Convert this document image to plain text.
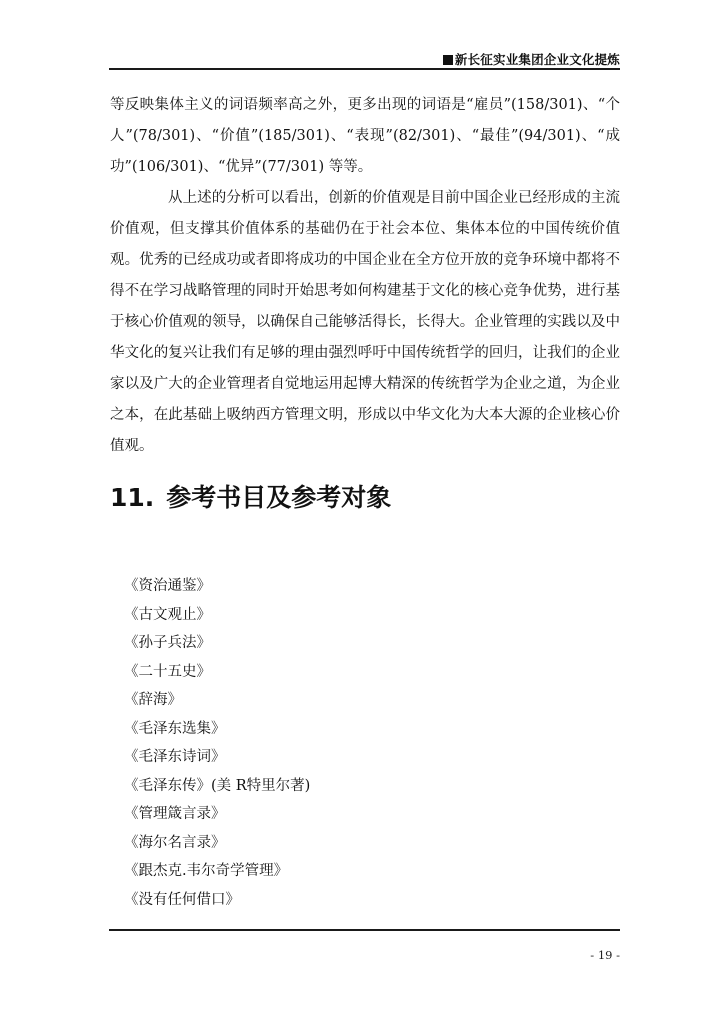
新长征实业集团企业文化提炼

等反映集体主义的词语频率高之外，更多出现的词语是“雇员”(158/301)、“个人”(78/301)、“价值”(185/301)、“表现”(82/301)、“最佳”(94/301)、“成功”(106/301)、“优异”(77/301) 等等。

从上述的分析可以看出，创新的价值观是目前中国企业已经形成的主流价值观，但支撑其价值体系的基础仍在于社会本位、集体本位的中国传统价值观。优秀的已经成功或者即将成功的中国企业在全方位开放的竞争环境中都将不得不在学习战略管理的同时开始思考如何构建基于文化的核心竞争优势，进行基于核心价值观的领导，以确保自己能够活得长，长得大。企业管理的实践以及中华文化的复兴让我们有足够的理由强烈呼吁中国传统哲学的回归，让我们的企业家以及广大的企业管理者自觉地运用起博大精深的传统哲学为企业之道，为企业之本，在此基础上吸纳西方管理文明，形成以中华文化为大本大源的企业核心价值观。

11. 参考书目及参考对象
《资治通鉴》
《古文观止》
《孙子兵法》
《二十五史》
《辞海》
《毛泽东选集》
《毛泽东诗词》
《毛泽东传》(美 R特里尔著)
《管理箴言录》
《海尔名言录》
《跟杰克.韦尔奇学管理》
《没有任何借口》
- 19 -
